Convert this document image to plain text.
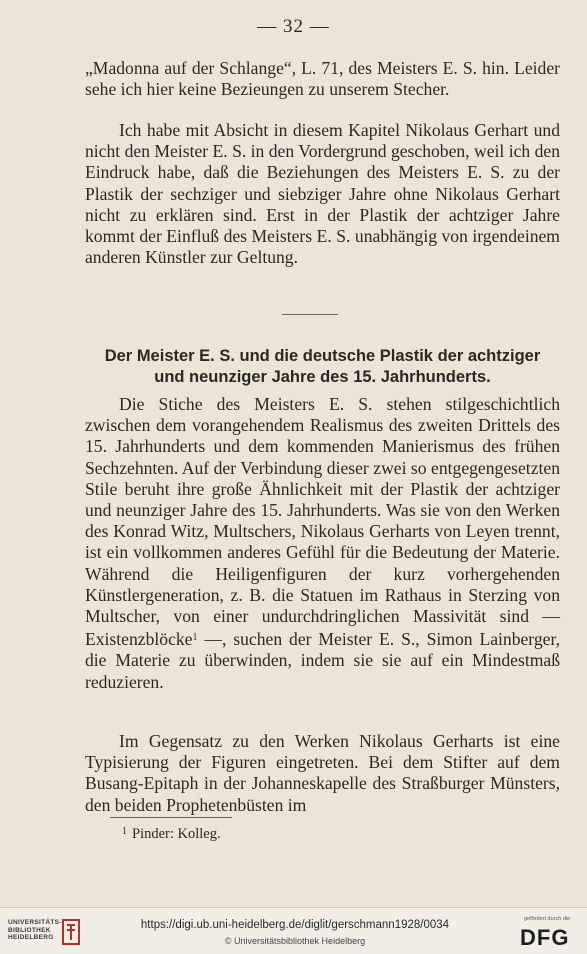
— 32 —

„Madonna auf der Schlange“, L. 71, des Meisters E. S. hin. Leider sehe ich hier keine Bezieungen zu unserem Stecher.

Ich habe mit Absicht in diesem Kapitel Nikolaus Gerhart und nicht den Meister E. S. in den Vordergrund geschoben, weil ich den Eindruck habe, daß die Beziehungen des Meisters E. S. zu der Plastik der sechziger und siebziger Jahre ohne Nikolaus Gerhart nicht zu erklären sind. Erst in der Plastik der achtziger Jahre kommt der Einfluß des Meisters E. S. unabhängig von irgendeinem anderen Künstler zur Geltung.

Der Meister E. S. und die deutsche Plastik der achtziger
und neunziger Jahre des 15. Jahrhunderts.

Die Stiche des Meisters E. S. stehen stilgeschichtlich zwischen dem vorangehendem Realismus des zweiten Drittels des 15. Jahrhunderts und dem kommenden Manierismus des frühen Sechzehnten. Auf der Verbindung dieser zwei so entgegengesetzten Stile beruht ihre große Ähnlichkeit mit der Plastik der achtziger und neunziger Jahre des 15. Jahrhunderts. Was sie von den Werken des Konrad Witz, Multschers, Nikolaus Gerharts von Leyen trennt, ist ein vollkommen anderes Gefühl für die Bedeutung der Materie. Während die Heiligenfiguren der kurz vorhergehenden Künstlergeneration, z. B. die Statuen im Rathaus in Sterzing von Multscher, von einer undurchdringlichen Massivität sind — Existenzblöcke$^1$ —, suchen der Meister E. S., Simon Lainberger, die Materie zu überwinden, indem sie sie auf ein Mindestmaß reduzieren.

Im Gegensatz zu den Werken Nikolaus Gerharts ist eine Typisierung der Figuren eingetreten. Bei dem Stifter auf dem Busang-Epitaph in der Johanneskapelle des Straßburger Münsters, den beiden Prophetenbüsten im

$^1$ Pinder: Kolleg.
UNIVERSITÄTS-
BIBLIOTHEK
HEIDELBERG
https://digi.ub.uni-heidelberg.de/diglit/gerschmann1928/0034
© Universitätsbibliothek Heidelberg
gefördert durch die
DFG
